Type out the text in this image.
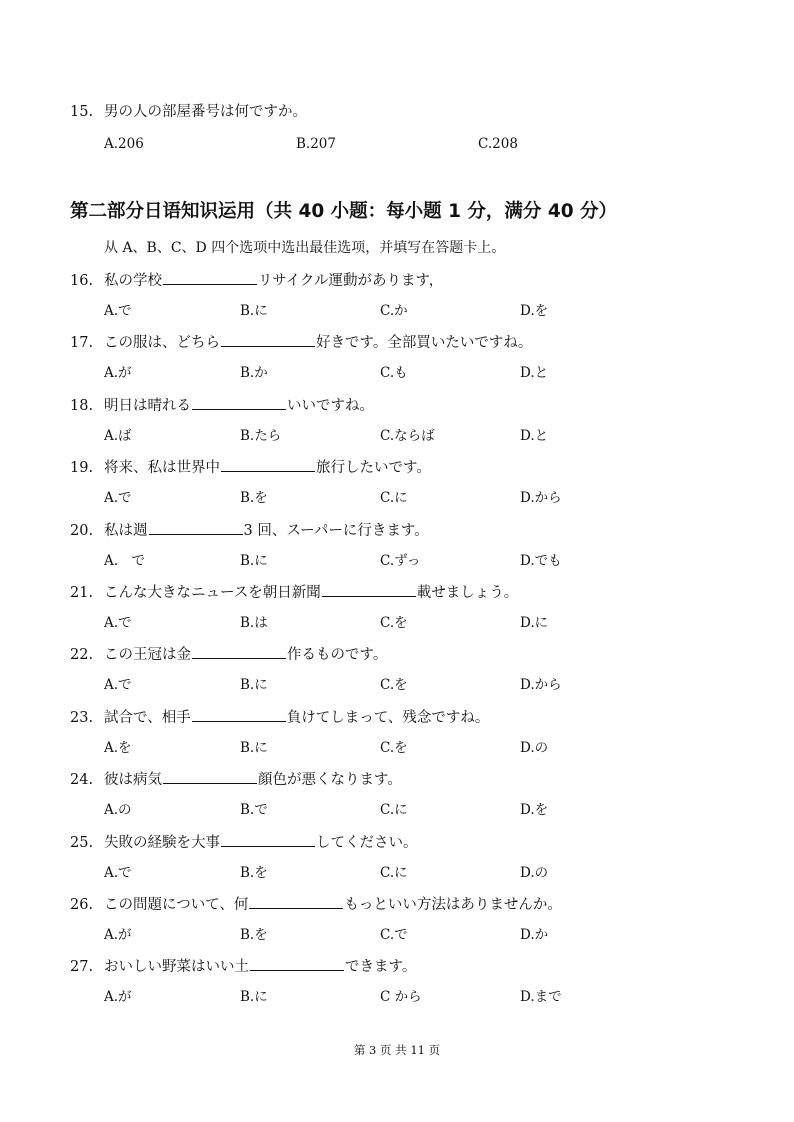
15. 男の人の部屋番号は何ですか。
A.206	B.207	C.208
第二部分日语知识运用（共 40 小题：每小题 1 分，满分 40 分）
从 A、B、C、D 四个选项中选出最佳选项，并填写在答题卡上。
16. 私の学校	リサイクル運動があります，
A.で	B.に	C.か	D.を
17. この服は、どちら	好きです。全部買いたいですね。
A.が	B.か	C.も	D.と
18. 明日は晴れる	いいですね。
A.ば	B.たら	C.ならば	D.と
19. 将来、私は世界中	旅行したいです。
A.で	B.を	C.に	D.から
20. 私は週	3 回、スーパーに行きます。
A.　で	B.に	C.ずっ	D.でも
21. こんな大きなニュースを朝日新聞	載せましょう。
A.で	B.は	C.を	D.に
22. この王冠は金	作るものです。
A.で	B.に	C.を	D.から
23. 試合で、相手	負けてしまって、残念ですね。
A.を	B.に	C.を	D.の
24. 彼は病気	顔色が悪くなります。
A.の	B.で	C.に	D.を
25. 失敗の経験を大事	してください。
A.で	B.を	C.に	D.の
26. この問題について、何	もっといい方法はありませんか。
A.が	B.を	C.で	D.か
27. おいしい野菜はいい土	できます。
A.が	B.に	C から	D.まで
第 3 页 共 11 页
